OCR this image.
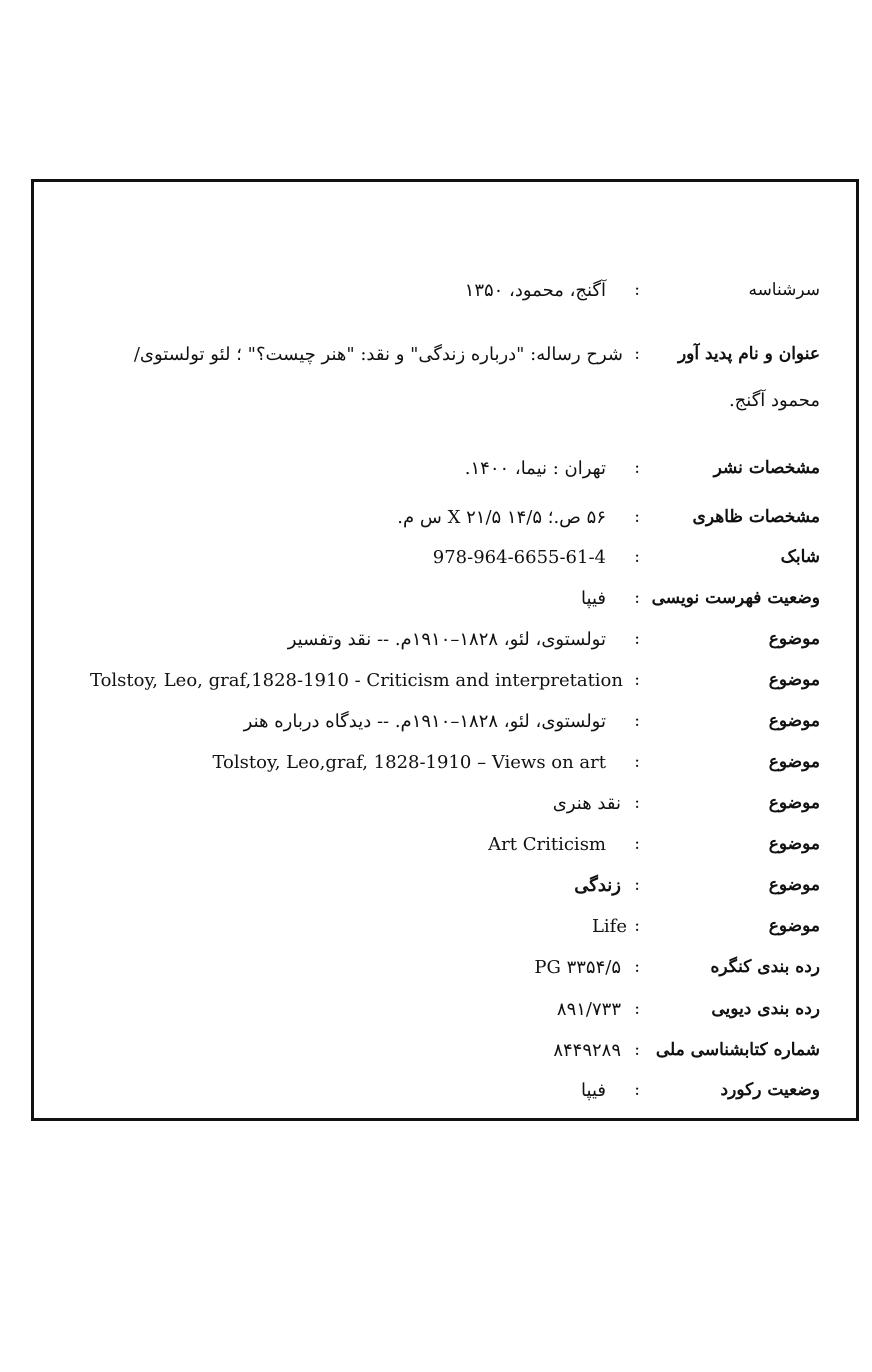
سرشناسه
:
آگنج، محمود، ۱۳۵۰
عنوان و نام پدید آور
:
شرح رساله: "درباره زندگی" و نقد: "هنر چیست؟" ؛ لئو تولستوی/
محمود آگنج.
مشخصات نشر
:
تهران : نیما، ۱۴۰۰.
مشخصات ظاهری
:
۵۶ ص.؛ ۱۴/۵ X ۲۱/۵ س م.
شابک
:
978-964-6655-61-4
وضعیت فهرست نویسی
:
فیپا
موضوع
:
تولستوی، لئو، ۱۸۲۸–۱۹۱۰م. -- نقد وتفسیر
موضوع
:
Tolstoy, Leo, graf,1828-1910 - Criticism and interpretation
موضوع
:
تولستوی، لئو، ۱۸۲۸–۱۹۱۰م. -- دیدگاه درباره هنر
موضوع
:
Tolstoy, Leo,graf, 1828-1910 – Views on art
موضوع
:
نقد هنری
موضوع
:
Art Criticism
موضوع
:
زندگی
موضوع
:
Life
رده بندی کنگره
:
PG ۳۳۵۴/۵
رده بندی دیویی
:
۸۹۱/۷۳۳
شماره کتابشناسی ملی
:
۸۴۴۹۲۸۹
وضعیت رکورد
:
فیپا
